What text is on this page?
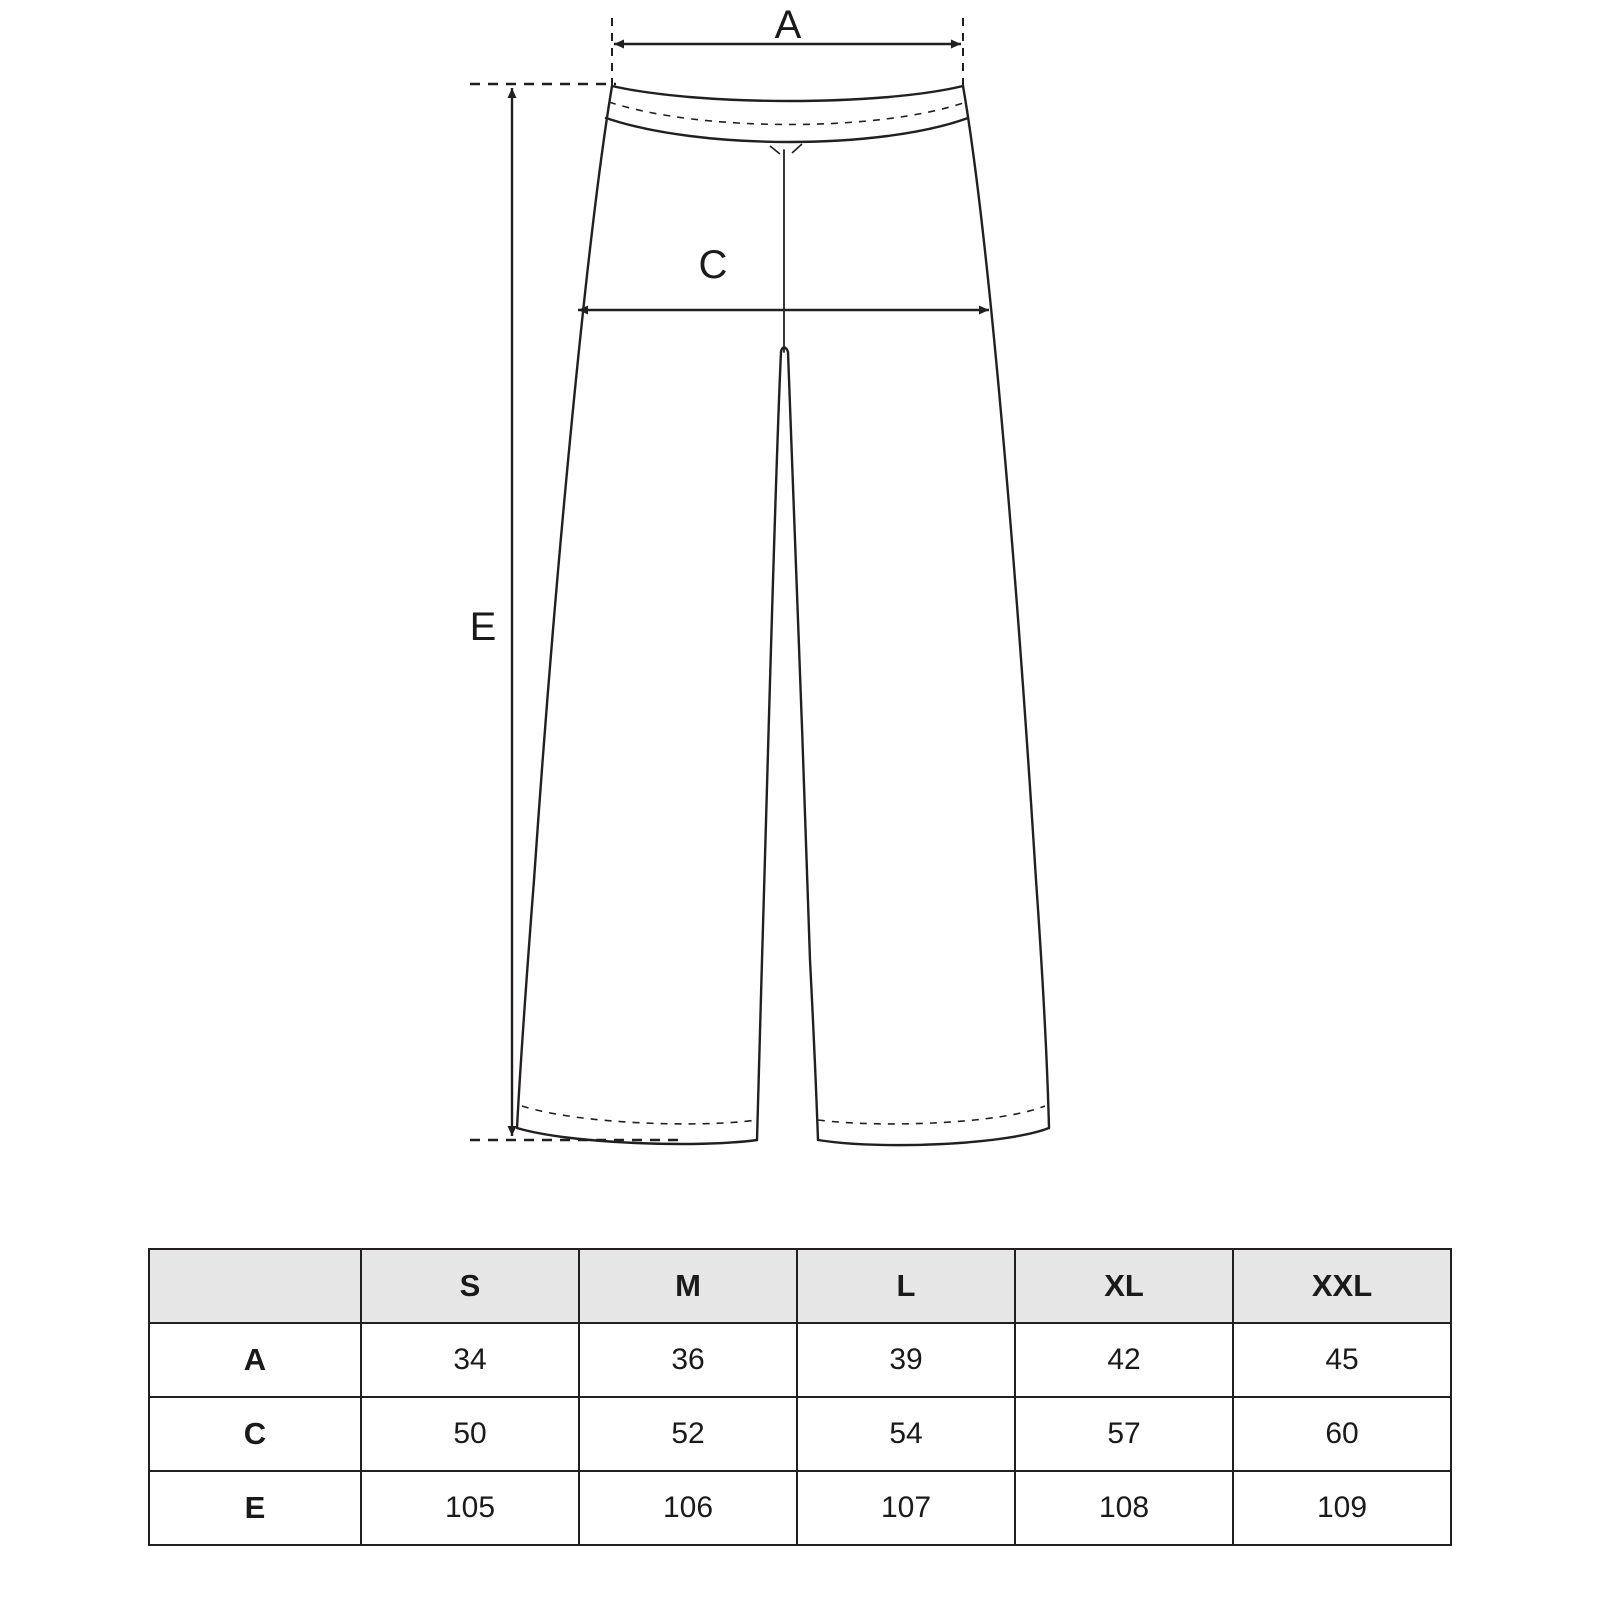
A
C
E
	S	M	L	XL	XXL
A	34	36	39	42	45
C	50	52	54	57	60
E	105	106	107	108	109
